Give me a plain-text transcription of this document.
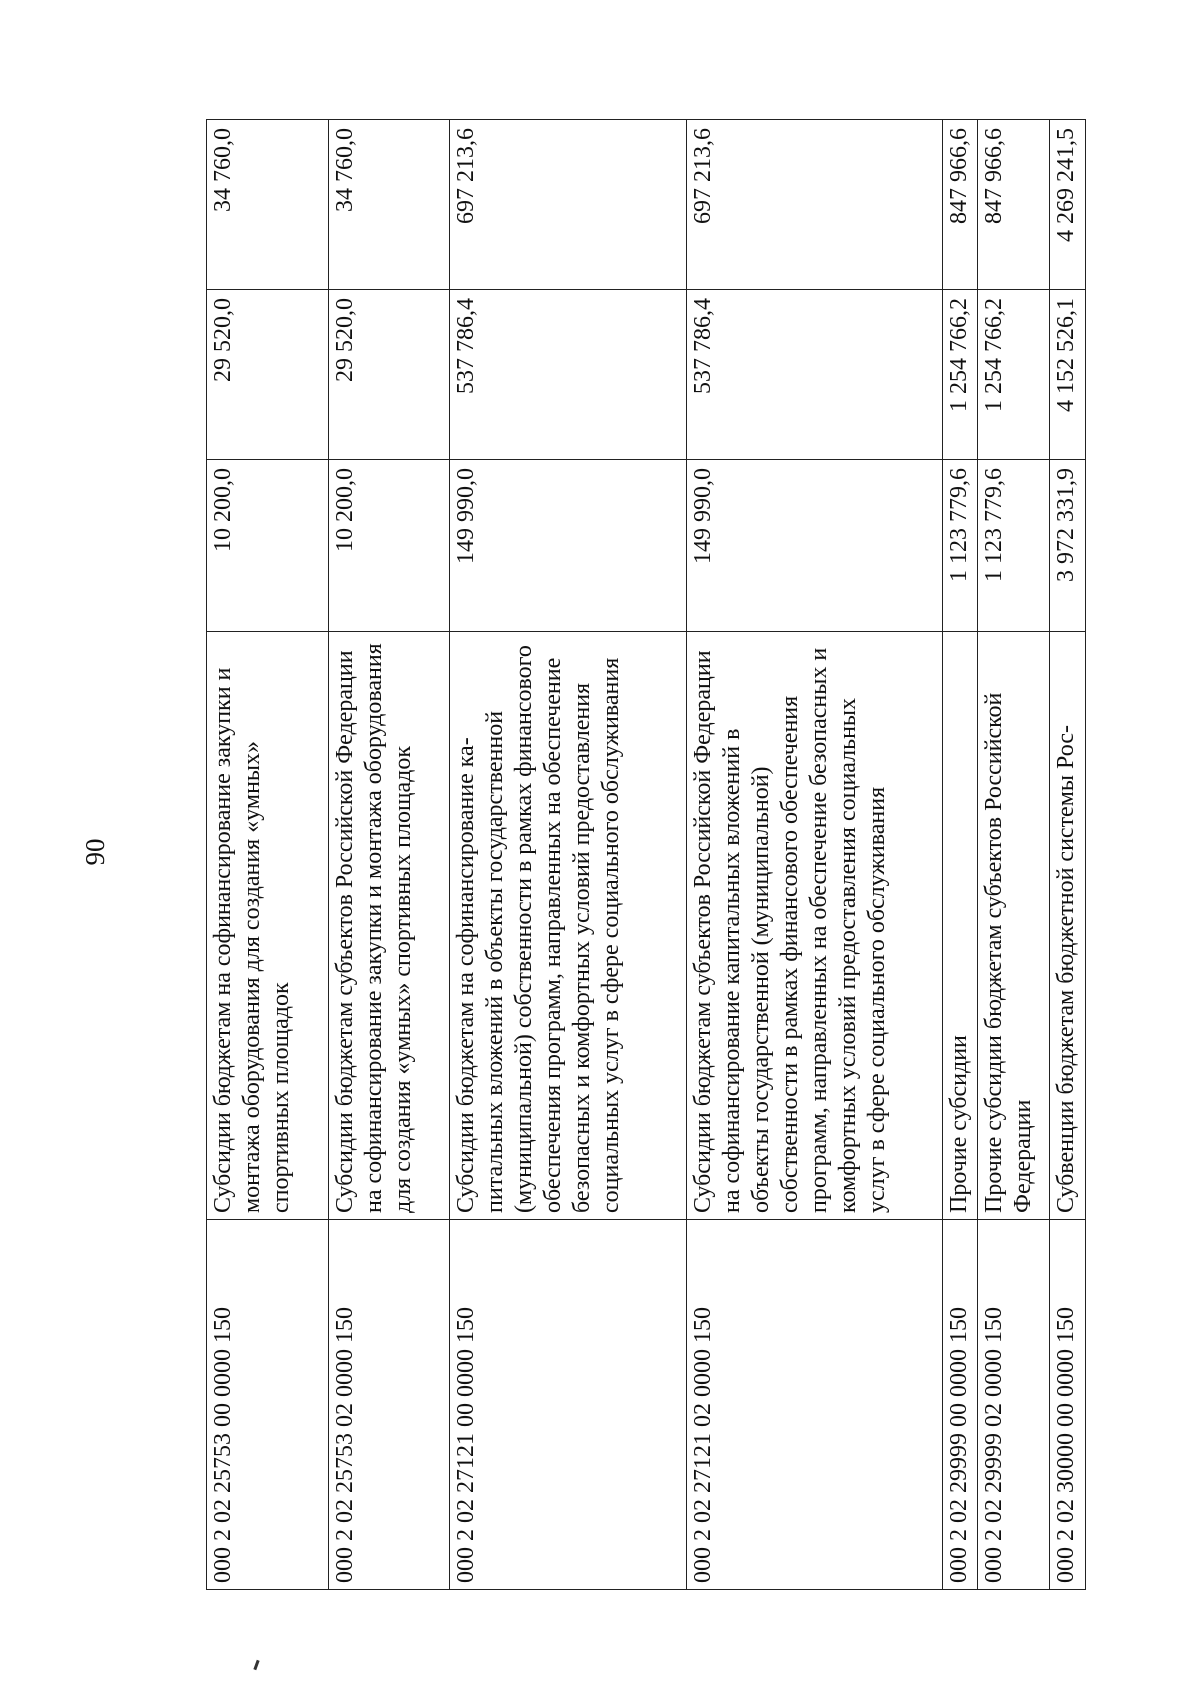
90
000 2 02 25753 00 0000 150	Субсидии бюджетам на софинансирование закупки и монтажа оборудования для создания «умных» спортивных площадок	10 200,0	29 520,0	34 760,0
000 2 02 25753 02 0000 150	Субсидии бюджетам субъектов Российской Федерации на софинансирование закупки и монтажа оборудования для создания «умных» спортивных площадок	10 200,0	29 520,0	34 760,0
000 2 02 27121 00 0000 150	Субсидии бюджетам на софинансирование капитальных вложений в объекты государственной (муниципальной) собственности в рамках финансового обеспечения программ, направленных на обеспечение безопасных и комфортных условий предоставления социальных услуг в сфере социального обслуживания	149 990,0	537 786,4	697 213,6
000 2 02 27121 02 0000 150	Субсидии бюджетам субъектов Российской Федерации на софинансирование капитальных вложений в объекты государственной (муниципальной) собственности в рамках финансового обеспечения программ, направленных на обеспечение безопасных и комфортных условий предоставления социальных услуг в сфере социального обслуживания	149 990,0	537 786,4	697 213,6
000 2 02 29999 00 0000 150	Прочие субсидии	1 123 779,6	1 254 766,2	847 966,6
000 2 02 29999 02 0000 150	Прочие субсидии бюджетам субъектов Российской Федерации	1 123 779,6	1 254 766,2	847 966,6
000 2 02 30000 00 0000 150	Субвенции бюджетам бюджетной системы Рос-	3 972 331,9	4 152 526,1	4 269 241,5
